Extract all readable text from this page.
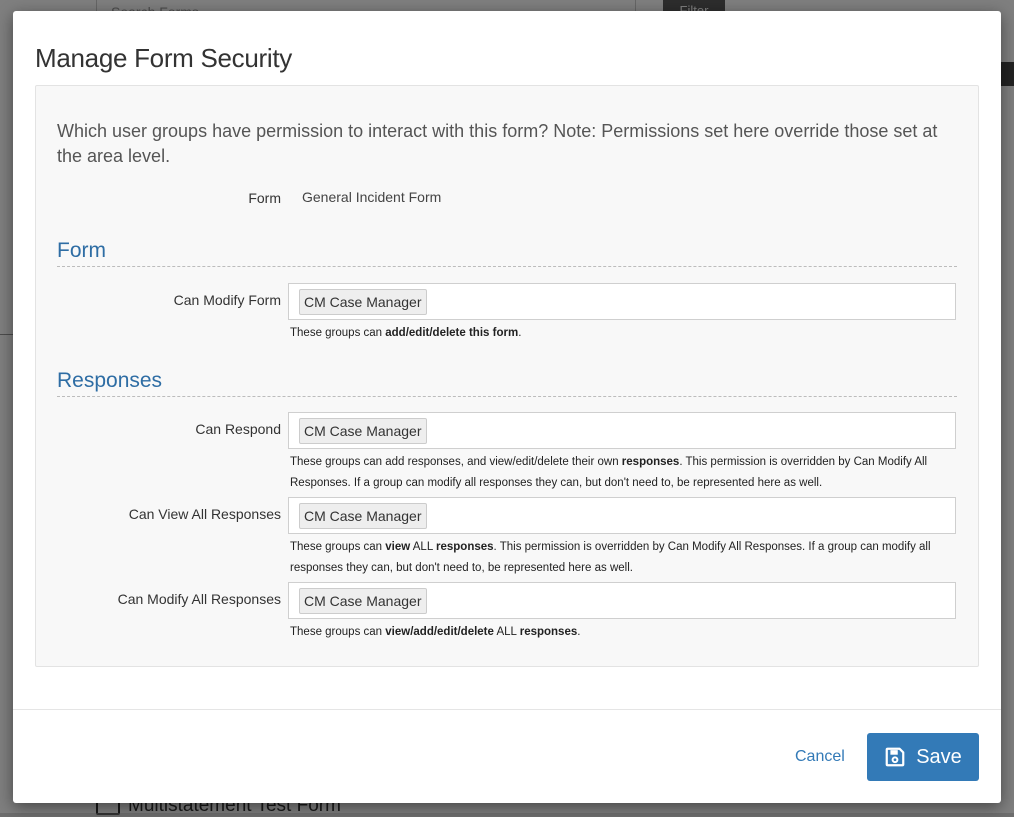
Manage Form Security

Which user groups have permission to interact with this form? Note: Permissions set here override those set at the area level.

Form General Incident Form
Form
Can Modify Form	CM Case Manager
These groups can add/edit/delete this form.
Responses
Can Respond	CM Case Manager
These groups can add responses, and view/edit/delete their own responses. This permission is overridden by Can Modify All Responses. If a group can modify all responses they can, but don't need to, be represented here as well.
Can View All Responses	CM Case Manager
These groups can view ALL responses. This permission is overridden by Can Modify All Responses. If a group can modify all responses they can, but don't need to, be represented here as well.
Can Modify All Responses	CM Case Manager
These groups can view/add/edit/delete ALL responses.
Cancel	Save
